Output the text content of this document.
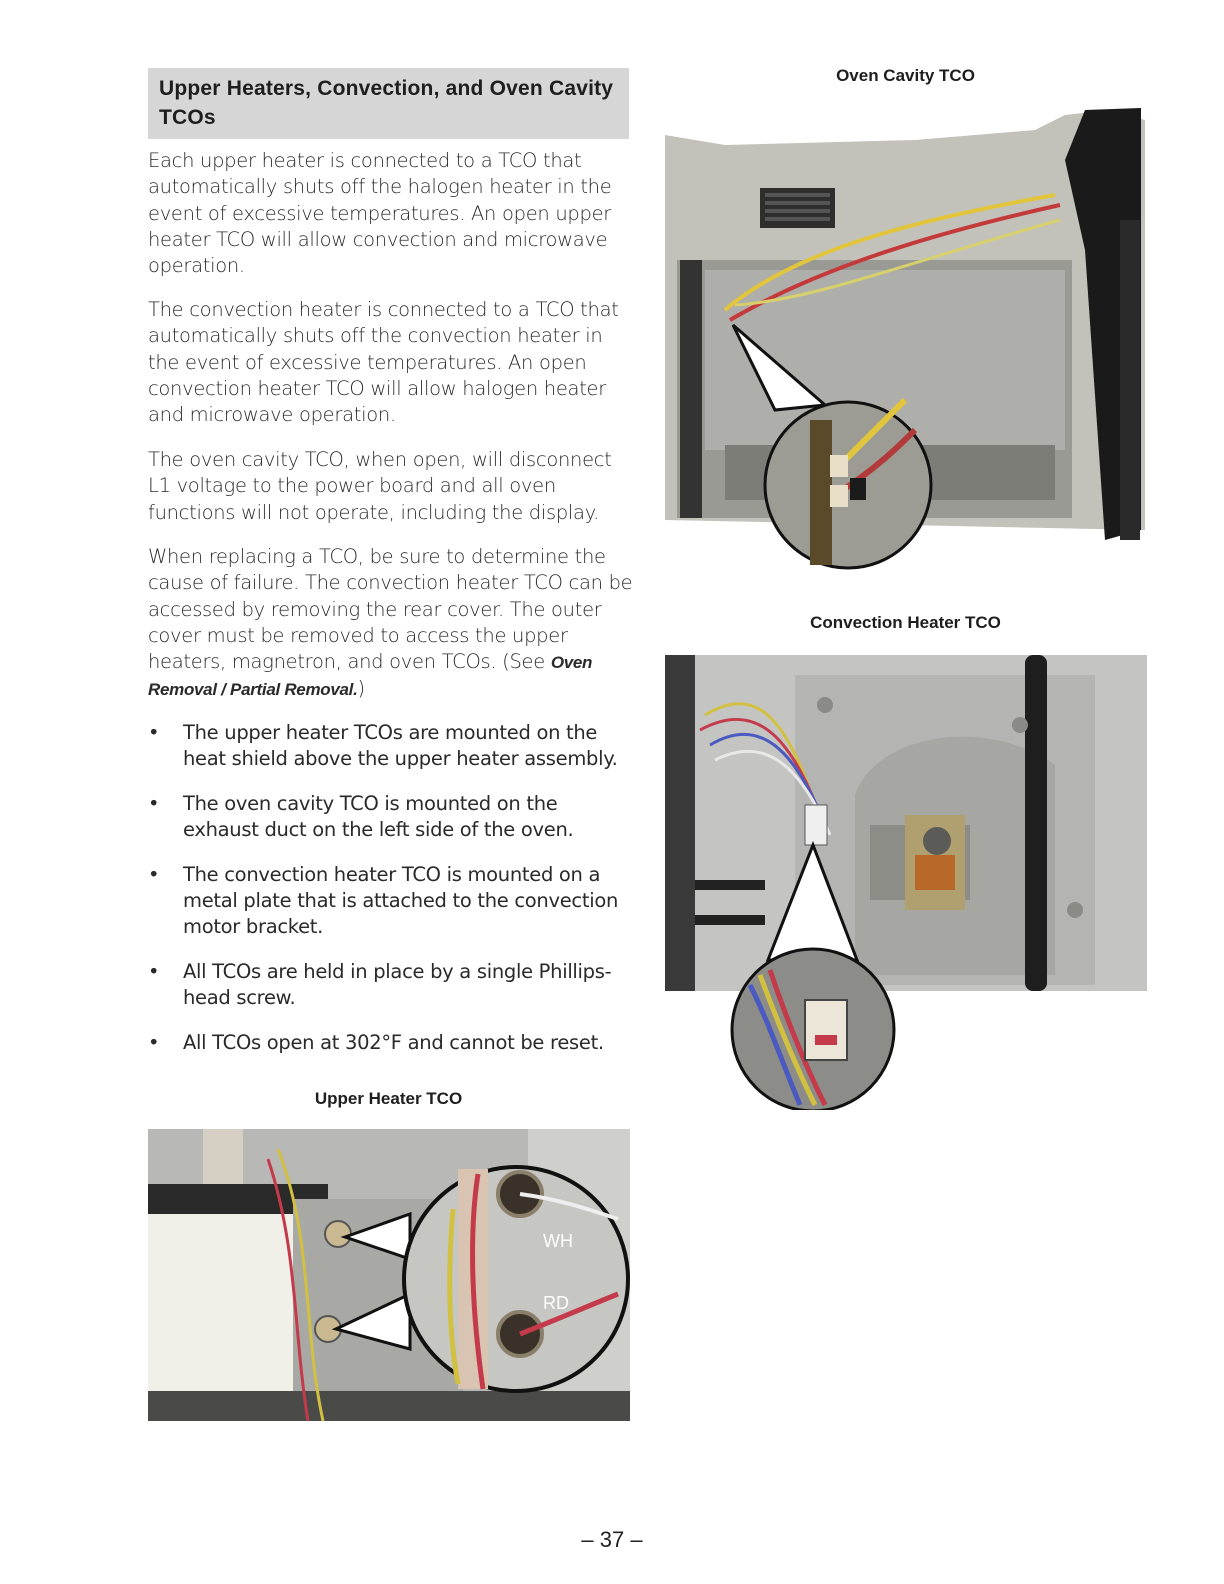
Upper Heaters, Convection, and Oven Cavity
TCOs

Each upper heater is connected to a TCO that automatically shuts off the halogen heater in the event of excessive temperatures. An open upper heater TCO will allow convection and microwave operation.

The convection heater is connected to a TCO that automatically shuts off the convection heater in the event of excessive temperatures. An open convection heater TCO will allow halogen heater and microwave operation.

The oven cavity TCO, when open, will disconnect L1 voltage to the power board and all oven functions will not operate, including the display.

When replacing a TCO, be sure to determine the cause of failure. The convection heater TCO can be accessed by removing the rear cover. The outer cover must be removed to access the upper heaters, magnetron, and oven TCOs. (See Oven Removal / Partial Removal.)

• The upper heater TCOs are mounted on the heat shield above the upper heater assembly.
• The oven cavity TCO is mounted on the exhaust duct on the left side of the oven.
• The convection heater TCO is mounted on a metal plate that is attached to the convection motor bracket.
• All TCOs are held in place by a single Phillips-head screw.
• All TCOs open at 302°F and cannot be reset.
Oven Cavity TCO
Convection Heater TCO
Upper Heater TCO
WH
RD
– 37 –
